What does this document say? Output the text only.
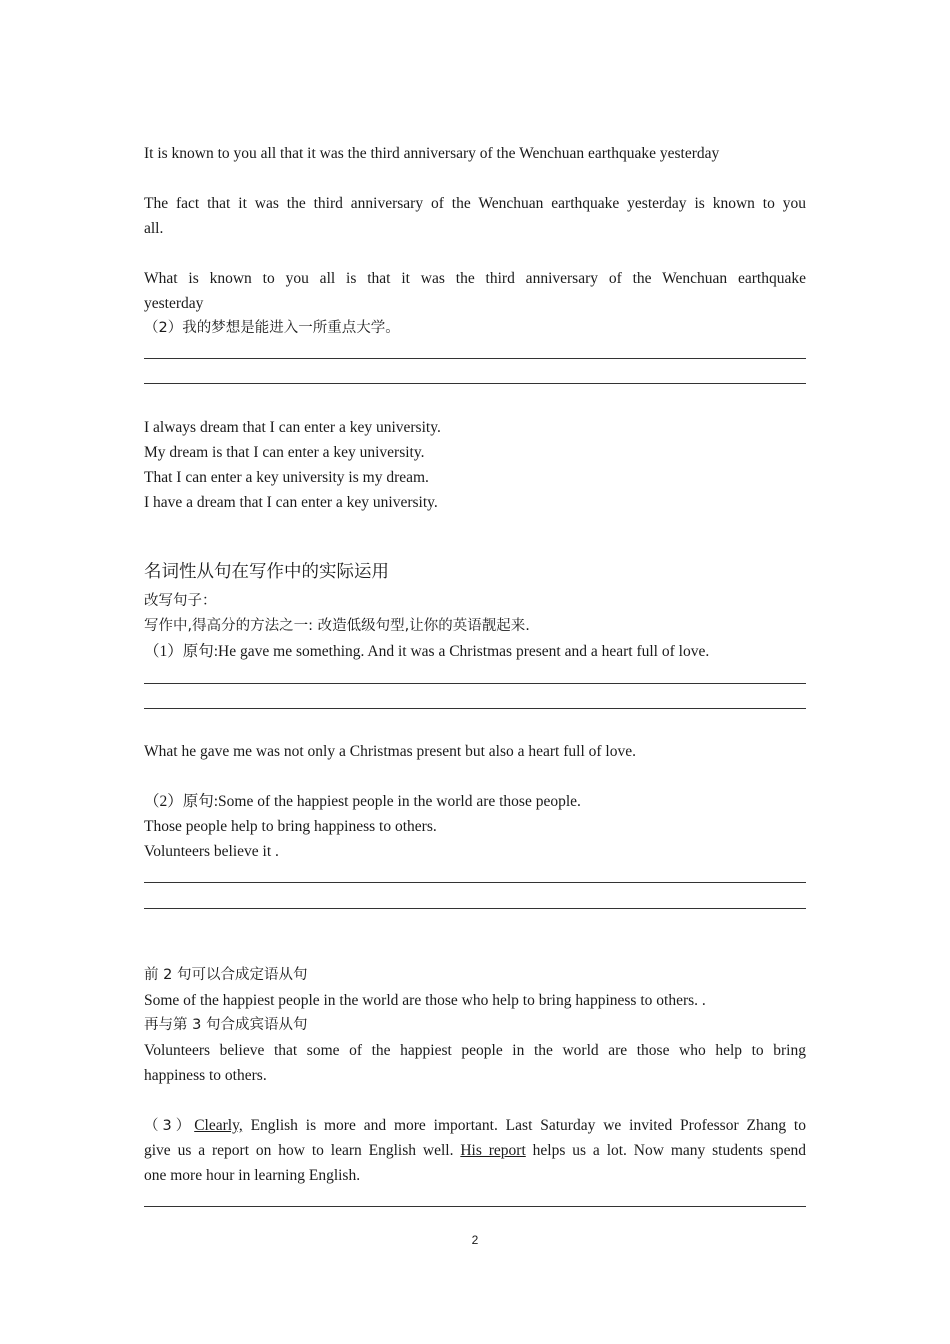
It is known to you all that it was the third anniversary of the Wenchuan earthquake yesterday
The fact that it was the third anniversary of the Wenchuan earthquake yesterday is known to you
all.
What is known to you all is that it was the third anniversary of the Wenchuan earthquake
yesterday
（2）我的梦想是能进入一所重点大学。
I always dream that I can enter a key university.
My dream is that I can enter a key university.
That I can enter a key university is my dream.
I have a dream that I can enter a key university.
名词性从句在写作中的实际运用
改写句子：
写作中,得高分的方法之一: 改造低级句型,让你的英语靓起来.
（1）原句:He gave me something. And it was a Christmas present and a heart full of love.
What he gave me was not only a Christmas present but also a heart full of love.
（2）原句:Some of the happiest people in the world are those people.
Those people help to bring happiness to others.
Volunteers believe it .
前 2 句可以合成定语从句
Some of the happiest people in the world are those who help to bring happiness to others. .
再与第 3 句合成宾语从句
Volunteers believe that some of the happiest people in the world are those who help to bring
happiness to others.
（3）Clearly, English is more and more important. Last Saturday we invited Professor Zhang to
give us a report on how to learn English well. His report helps us a lot. Now many students spend
one more hour in learning English.
2
